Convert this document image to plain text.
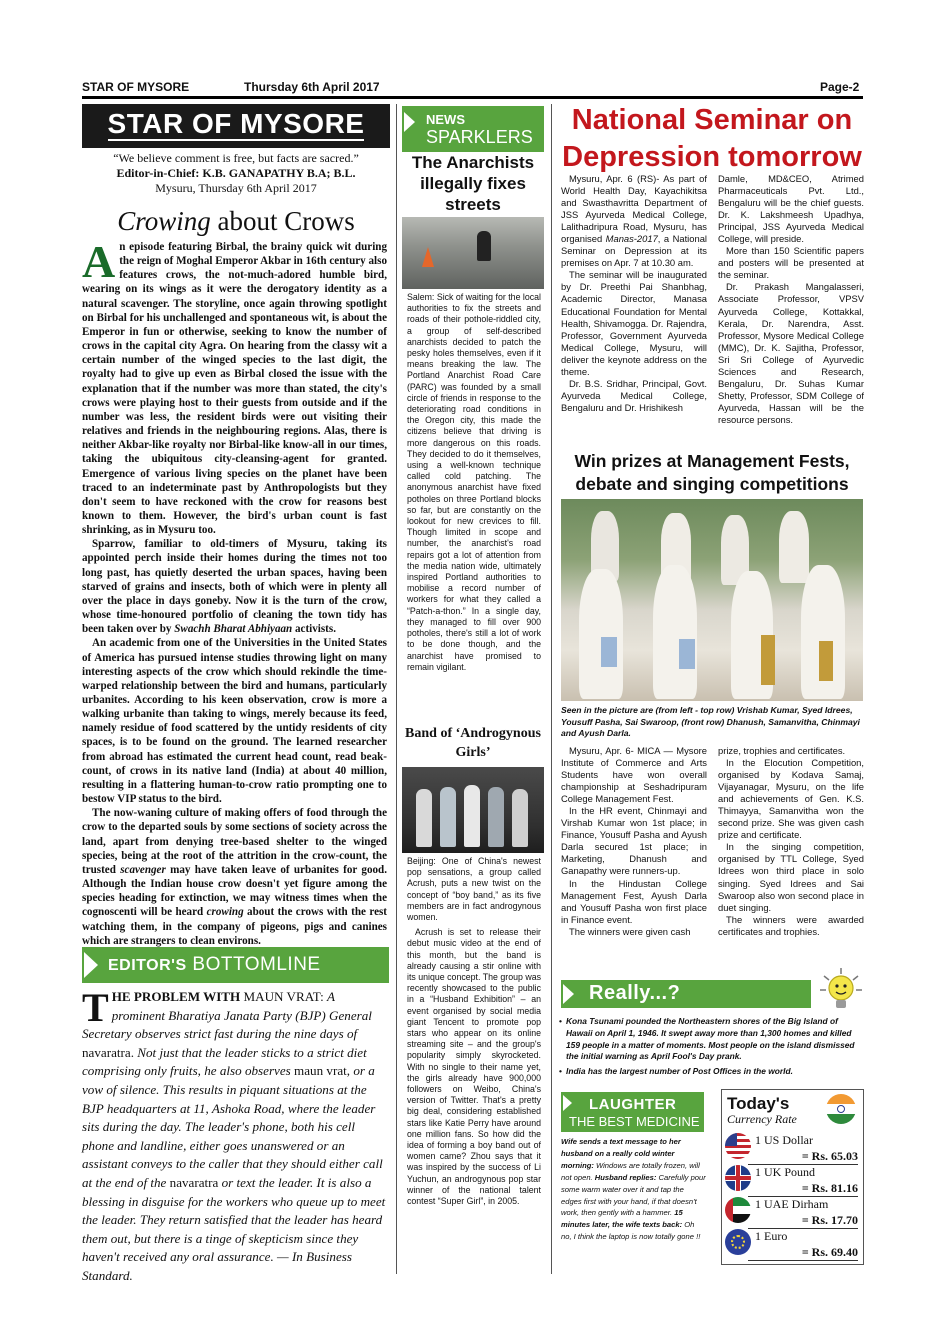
STAR OF MYSORE	Thursday 6th April 2017	Page-2
STAR OF MYSORE
“We believe comment is free, but facts are sacred.”
Editor-in-Chief: K.B. GANAPATHY B.A; B.L.
Mysuru, Thursday 6th April 2017
Crowing about Crows

An episode featuring Birbal, the brainy quick wit during the reign of Moghal Emperor Akbar in 16th century also features crows, the not-much-adored humble bird, wearing on its wings as it were the derogatory identity as a natural scavenger. The storyline, once again throwing spotlight on Birbal for his unchallenged and spontaneous wit, is about the Emperor in fun or otherwise, seeking to know the number of crows in the capital city Agra. On hearing from the classy wit a certain number of the winged species to the last digit, the royalty had to give up even as Birbal closed the issue with the explanation that if the number was more than stated, the city's crows were playing host to their guests from outside and if the number was less, the resident birds were out visiting their relatives and friends in the neighbouring regions. Alas, there is neither Akbar-like royalty nor Birbal-like know-all in our times, taking the ubiquitous city-cleansing-agent for granted. Emergence of various living species on the planet have been traced to an indeterminate past by Anthropologists but they don't seem to have reckoned with the crow for reasons best known to them. However, the bird's urban count is fast shrinking, as in Mysuru too.

Sparrow, familiar to old-timers of Mysuru, taking its appointed perch inside their homes during the times not too long past, has quietly deserted the urban spaces, having been starved of grains and insects, both of which were in plenty all over the place in days goneby. Now it is the turn of the crow, whose time-honoured portfolio of cleaning the town tidy has been taken over by Swachh Bharat Abhiyaan activists.

An academic from one of the Universities in the United States of America has pursued intense studies throwing light on many interesting aspects of the crow which should rekindle the time-warped relationship between the bird and humans, particularly urbanites. According to his keen observation, crow is more a walking urbanite than taking to wings, merely because its feed, namely residue of food scattered by the untidy residents of city spaces, is to be found on the ground. The learned researcher from abroad has estimated the current head count, read beak-count, of crows in its native land (India) at about 40 million, resulting in a flattering human-to-crow ratio prompting one to bestow VIP status to the bird.

The now-waning culture of making offers of food through the crow to the departed souls by some sections of society across the land, apart from denying tree-based shelter to the winged species, being at the root of the attrition in the crow-count, the trusted scavenger may have taken leave of urbanites for good. Although the Indian house crow doesn't yet figure among the species heading for extinction, we may witness times when the cognoscenti will be heard crowing about the crows with the rest watching them, in the company of pigeons, pigs and canines which are strangers to clean environs.

EDITOR'S BOTTOMLINE
THE PROBLEM WITH MAUN VRAT: A prominent Bharatiya Janata Party (BJP) General Secretary observes strict fast during the nine days of navaratra. Not just that the leader sticks to a strict diet comprising only fruits, he also observes maun vrat, or a vow of silence. This results in piquant situations at the BJP headquarters at 11, Ashoka Road, where the leader sits during the day. The leader's phone, both his cell phone and landline, either goes unanswered or an assistant conveys to the caller that they should either call at the end of the navaratra or text the leader. It is also a blessing in disguise for the workers who queue up to meet the leader. They return satisfied that the leader has heard them out, but there is a tinge of skepticism since they haven't received any oral assurance. — In Business Standard.
NEWS
SPARKLERS
The Anarchists illegally fixes streets

Salem: Sick of waiting for the local authorities to fix the streets and roads of their pothole-riddled city, a group of self-described anarchists decided to patch the pesky holes themselves, even if it means breaking the law. The Portland Anarchist Road Care (PARC) was founded by a small circle of friends in response to the deteriorating road conditions in the Oregon city, this made the citizens believe that driving is more dangerous on this roads. They decided to do it themselves, using a well-known technique called cold patching. The anonymous anarchist have fixed potholes on three Portland blocks so far, but are constantly on the lookout for new crevices to fill. Though limited in scope and number, the anarchist's road repairs got a lot of attention from the media nation wide, ultimately inspired Portland authorities to mobilise a record number of workers for what they called a “Patch-a-thon.” In a single day, they managed to fill over 900 potholes, there's still a lot of work to be done though, and the anarchist have promised to remain vigilant.

Band of ‘Androgynous Girls’

Beijing: One of China's newest pop sensations, a group called Acrush, puts a new twist on the concept of “boy band,” as its five members are in fact androgynous women.

Acrush is set to release their debut music video at the end of this month, but the band is already causing a stir online with its unique concept. The group was recently showcased to the public in a “Husband Exhibition” – an event organised by social media giant Tencent to promote pop stars who appear on its online streaming site – and the group's popularity simply skyrocketed. With no single to their name yet, the girls already have 900,000 followers on Weibo, China's version of Twitter. That's a pretty big deal, considering established stars like Katie Perry have around one million fans. So how did the idea of forming a boy band out of women came? Zhou says that it was inspired by the success of Li Yuchun, an androgynous pop star winner of the national talent contest “Super Girl”, in 2005.

National Seminar on Depression tomorrow

Mysuru, Apr. 6 (RS)- As part of World Health Day, Kayachikitsa and Swasthavritta Department of JSS Ayurveda Medical College, Lalithadripura Road, Mysuru, has organised Manas-2017, a National Seminar on Depression at its premises on Apr. 7 at 10.30 am.

The seminar will be inaugurated by Dr. Preethi Pai Shanbhag, Academic Director, Manasa Educational Foundation for Mental Health, Shivamogga. Dr. Rajendra, Professor, Government Ayurveda Medical College, Mysuru, will deliver the keynote address on the theme.

Dr. B.S. Sridhar, Principal, Govt. Ayurveda Medical College, Bengaluru and Dr. Hrishikesh

Damle, MD&CEO, Atrimed Pharmaceuticals Pvt. Ltd., Bengaluru will be the chief guests. Dr. K. Lakshmeesh Upadhya, Principal, JSS Ayurveda Medical College, will preside.

More than 150 Scientific papers and posters will be presented at the seminar.

Dr. Prakash Mangalasseri, Associate Professor, VPSV Ayurveda College, Kottakkal, Kerala, Dr. Narendra, Asst. Professor, Mysore Medical College (MMC), Dr. K. Sajitha, Professor, Sri Sri College of Ayurvedic Sciences and Research, Bengaluru, Dr. Suhas Kumar Shetty, Professor, SDM College of Ayurveda, Hassan will be the resource persons.

Win prizes at Management Fests, debate and singing competitions
Seen in the picture are (from left - top row) Vrishab Kumar, Syed Idrees, Yousuff Pasha, Sai Swaroop, (front row) Dhanush, Samanvitha, Chinmayi and Ayush Darla.

Mysuru, Apr. 6- MICA — Mysore Institute of Commerce and Arts Students have won overall championship at Seshadripuram College Management Fest.

In the HR event, Chinmayi and Virshab Kumar won 1st place; in Finance, Yousuff Pasha and Ayush Darla secured 1st place; in Marketing, Dhanush and Ganapathy were runners-up.

In the Hindustan College Management Fest, Ayush Darla and Yousuff Pasha won first place in Finance event.

The winners were given cash

prize, trophies and certificates.

In the Elocution Competition, organised by Kodava Samaj, Vijayanagar, Mysuru, on the life and achievements of Gen. K.S. Thimayya, Samanvitha won the second prize. She was given cash prize and certificate.

In the singing competition, organised by TTL College, Syed Idrees won third place in solo singing. Syed Idrees and Sai Swaroop also won second place in duet singing.

The winners were awarded certificates and trophies.

Really...?
• Kona Tsunami pounded the Northeastern shores of the Big Island of Hawaii on April 1, 1946. It swept away more than 1,300 homes and killed 159 people in a matter of moments. Most people on the island dismissed the initial warning as April Fool's Day prank.
• India has the largest number of Post Offices in the world.
LAUGHTER
THE BEST MEDICINE
Wife sends a text message to her husband on a really cold winter morning: Windows are totally frozen, will not open. Husband replies: Carefully pour some warm water over it and tap the edges first with your hand, if that doesn't work, then gently with a hammer. 15 minutes later, the wife texts back: Oh no, I think the laptop is now totally gone !!
Today's
Currency Rate
1 US Dollar
= Rs. 65.03
1 UK Pound
= Rs. 81.16
1 UAE Dirham
= Rs. 17.70
1 Euro
= Rs. 69.40
